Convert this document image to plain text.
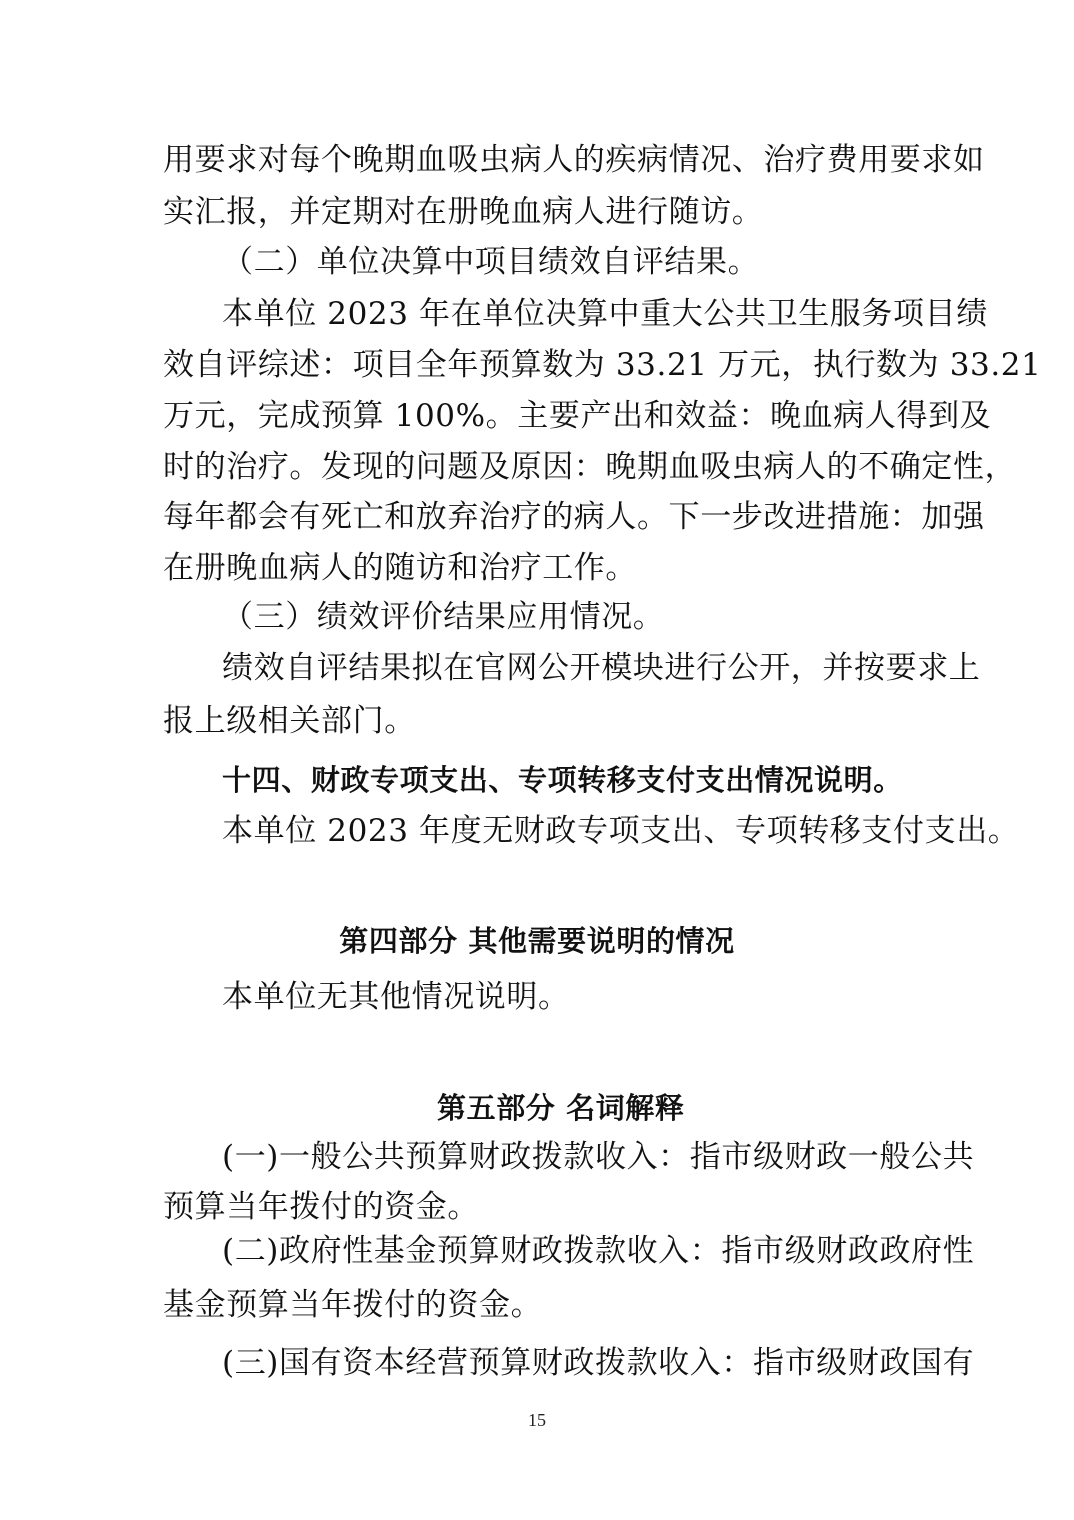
用要求对每个晚期血吸虫病人的疾病情况、治疗费用要求如
实汇报，并定期对在册晚血病人进行随访。
（二）单位决算中项目绩效自评结果。
本单位 2023 年在单位决算中重大公共卫生服务项目绩
效自评综述：项目全年预算数为 33.21 万元，执行数为 33.21
万元，完成预算 100%。主要产出和效益：晚血病人得到及
时的治疗。发现的问题及原因：晚期血吸虫病人的不确定性，
每年都会有死亡和放弃治疗的病人。下一步改进措施：加强
在册晚血病人的随访和治疗工作。
（三）绩效评价结果应用情况。
绩效自评结果拟在官网公开模块进行公开，并按要求上
报上级相关部门。
十四、财政专项支出、专项转移支付支出情况说明。
本单位 2023 年度无财政专项支出、专项转移支付支出。
第四部分 其他需要说明的情况
本单位无其他情况说明。
第五部分 名词解释
(一)一般公共预算财政拨款收入：指市级财政一般公共
预算当年拨付的资金。
(二)政府性基金预算财政拨款收入：指市级财政政府性
基金预算当年拨付的资金。
(三)国有资本经营预算财政拨款收入：指市级财政国有
15
